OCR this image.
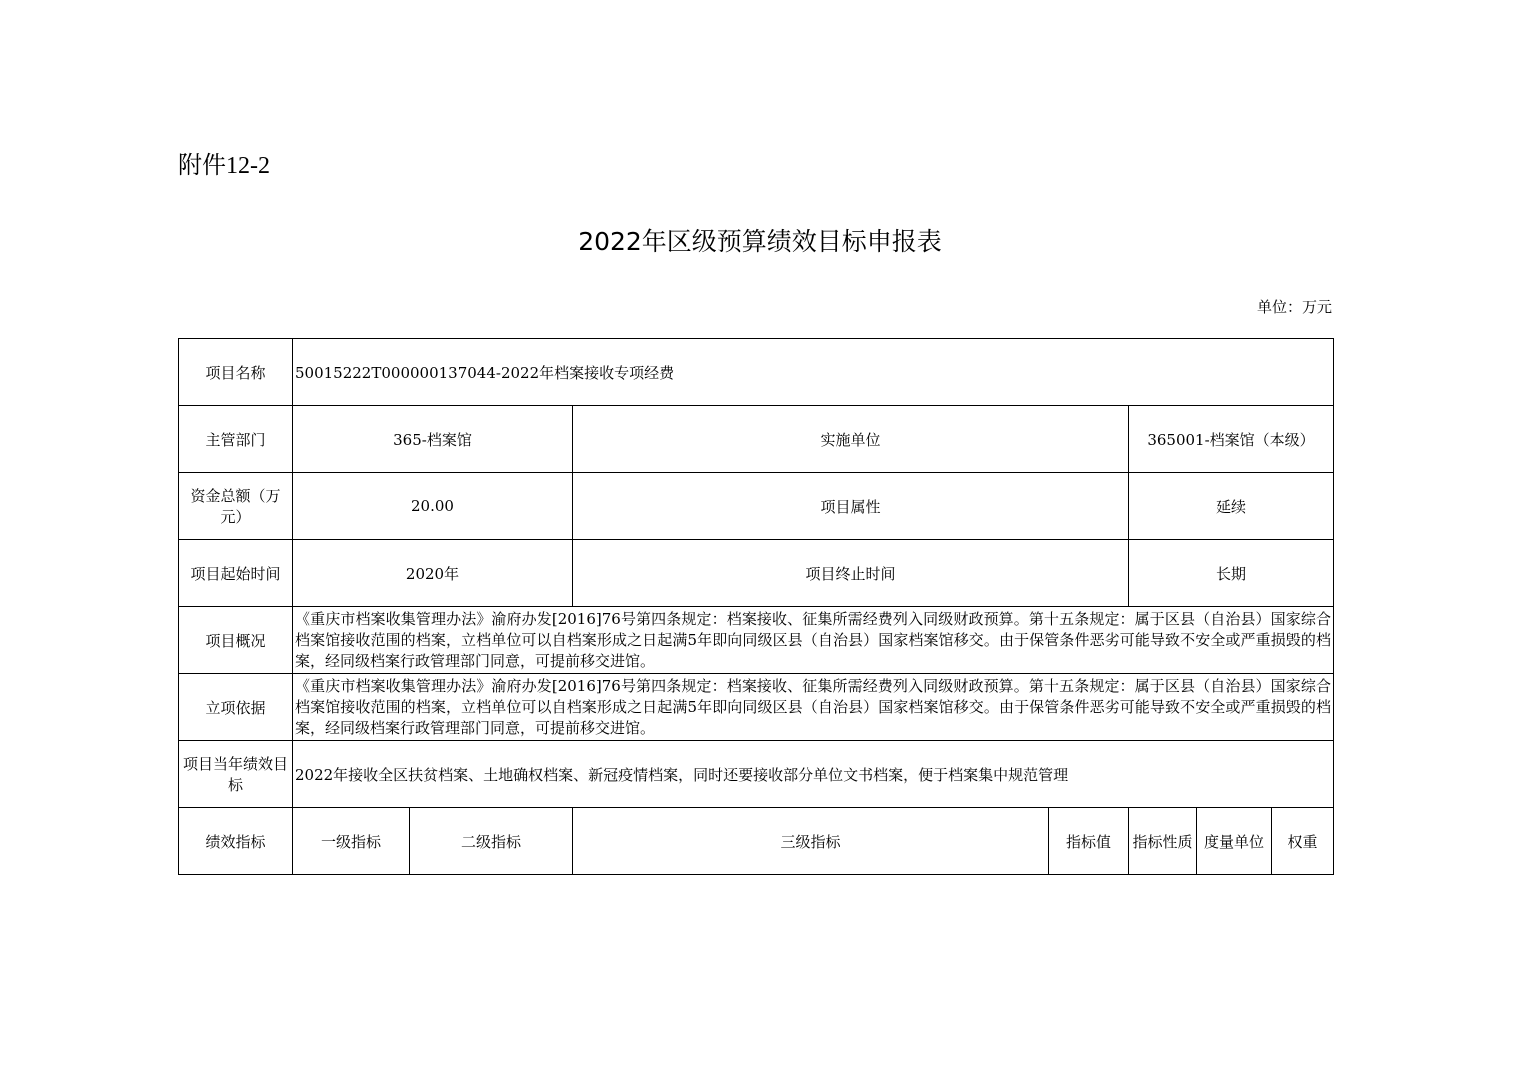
附件12-2
2022年区级预算绩效目标申报表
单位：万元
项目名称	50015222T000000137044-2022年档案接收专项经费						
主管部门	365-档案馆		实施单位		365001-档案馆（本级）		
资金总额（万元）	20.00		项目属性		延续		
项目起始时间	2020年		项目终止时间		长期		
项目概况	《重庆市档案收集管理办法》渝府办发[2016]76号第四条规定：档案接收、征集所需经费列入同级财政预算。第十五条规定：属于区县（自治县）国家综合档案馆接收范围的档案，立档单位可以自档案形成之日起满5年即向同级区县（自治县）国家档案馆移交。由于保管条件恶劣可能导致不安全或严重损毁的档案，经同级档案行政管理部门同意，可提前移交进馆。						
立项依据	《重庆市档案收集管理办法》渝府办发[2016]76号第四条规定：档案接收、征集所需经费列入同级财政预算。第十五条规定：属于区县（自治县）国家综合档案馆接收范围的档案，立档单位可以自档案形成之日起满5年即向同级区县（自治县）国家档案馆移交。由于保管条件恶劣可能导致不安全或严重损毁的档案，经同级档案行政管理部门同意，可提前移交进馆。						
项目当年绩效目标	2022年接收全区扶贫档案、土地确权档案、新冠疫情档案，同时还要接收部分单位文书档案，便于档案集中规范管理						
绩效指标	一级指标	二级指标	三级指标	指标值	指标性质	度量单位	权重
